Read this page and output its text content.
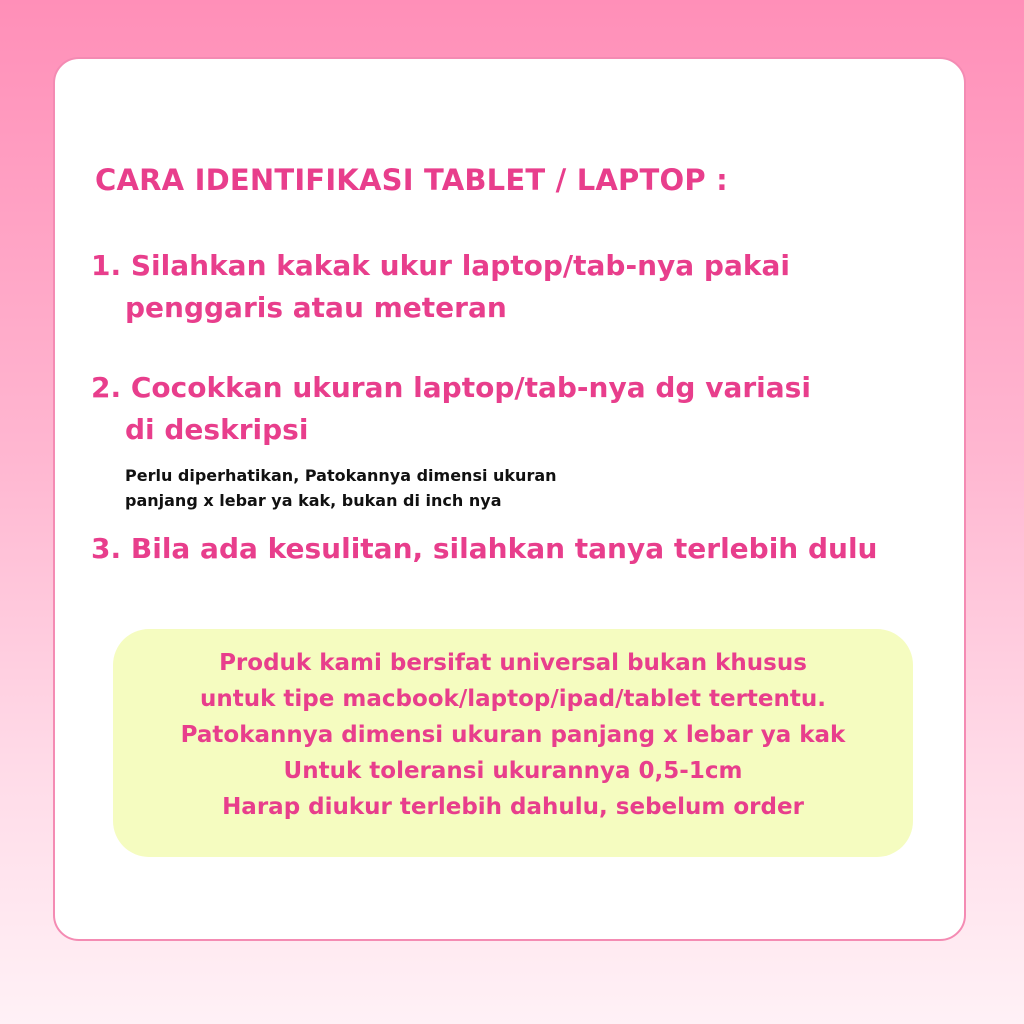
CARA IDENTIFIKASI TABLET / LAPTOP :
1. Silahkan kakak ukur laptop/tab-nya pakai
penggaris atau meteran
2. Cocokkan ukuran laptop/tab-nya dg variasi
di deskripsi
Perlu diperhatikan, Patokannya dimensi ukuran
panjang x lebar ya kak, bukan di inch nya
3. Bila ada kesulitan, silahkan tanya terlebih dulu
Produk kami bersifat universal bukan khusus
untuk tipe macbook/laptop/ipad/tablet tertentu.
Patokannya dimensi ukuran panjang x lebar ya kak
Untuk toleransi ukurannya 0,5-1cm
Harap diukur terlebih dahulu, sebelum order
